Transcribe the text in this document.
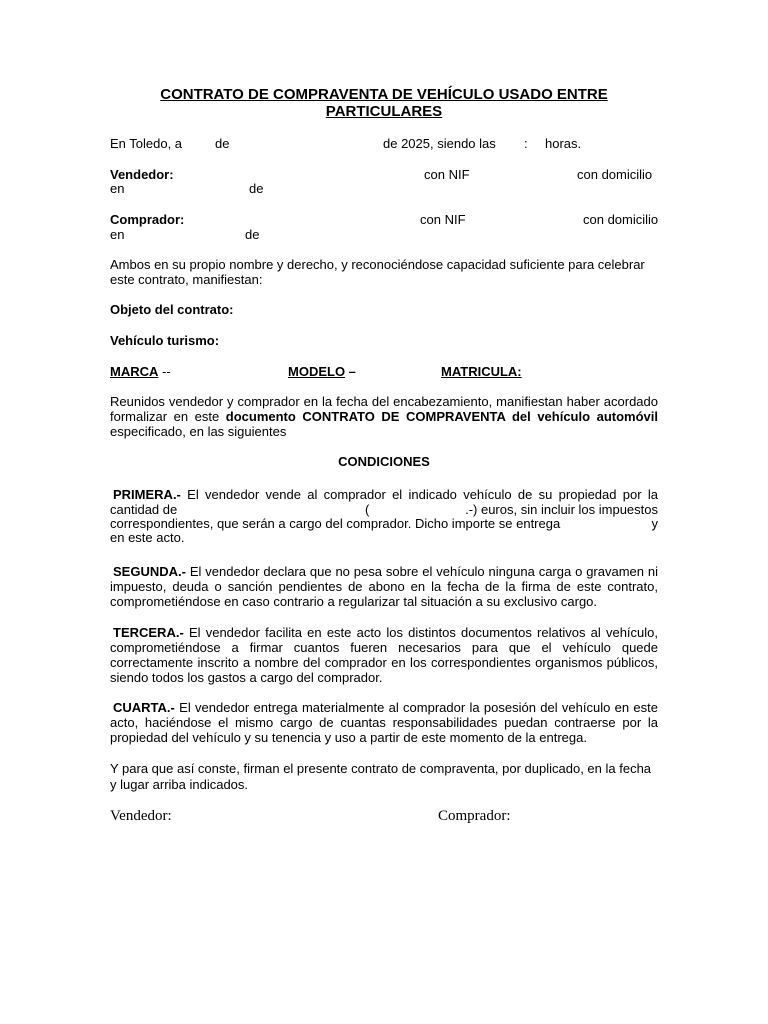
CONTRATO DE COMPRAVENTA DE VEHÍCULO USADO ENTRE
PARTICULARES
En Toledo, a	de	de 2025, siendo las : horas.
Vendedor:	con NIF	con domicilio
en	de
Comprador:	con NIF	con domicilio
en	de
Ambos en su propio nombre y derecho, y reconociéndose capacidad suficiente para celebrar este contrato, manifiestan:
Objeto del contrato:
Vehículo turismo:
MARCA --	MODELO –	MATRICULA:
Reunidos vendedor y comprador en la fecha del encabezamiento, manifiestan haber acordado formalizar en este documento CONTRATO DE COMPRAVENTA del vehículo automóvil especificado, en las siguientes
CONDICIONES
PRIMERA.- El vendedor vende al comprador el indicado vehículo de su propiedad por la
cantidad de	(	.-) euros, sin incluir los impuestos
correspondientes, que serán a cargo del comprador. Dicho importe se entrega	y
en este acto.
SEGUNDA.- El vendedor declara que no pesa sobre el vehículo ninguna carga o gravamen ni impuesto, deuda o sanción pendientes de abono en la fecha de la firma de este contrato, comprometiéndose en caso contrario a regularizar tal situación a su exclusivo cargo.
TERCERA.- El vendedor facilita en este acto los distintos documentos relativos al vehículo, comprometiéndose a firmar cuantos fueren necesarios para que el vehículo quede correctamente inscrito a nombre del comprador en los correspondientes organismos públicos, siendo todos los gastos a cargo del comprador.
CUARTA.- El vendedor entrega materialmente al comprador la posesión del vehículo en este acto, haciéndose el mismo cargo de cuantas responsabilidades puedan contraerse por la propiedad del vehículo y su tenencia y uso a partir de este momento de la entrega.
Y para que así conste, firman el presente contrato de compraventa, por duplicado, en la fecha y lugar arriba indicados.
Vendedor:	Comprador:
